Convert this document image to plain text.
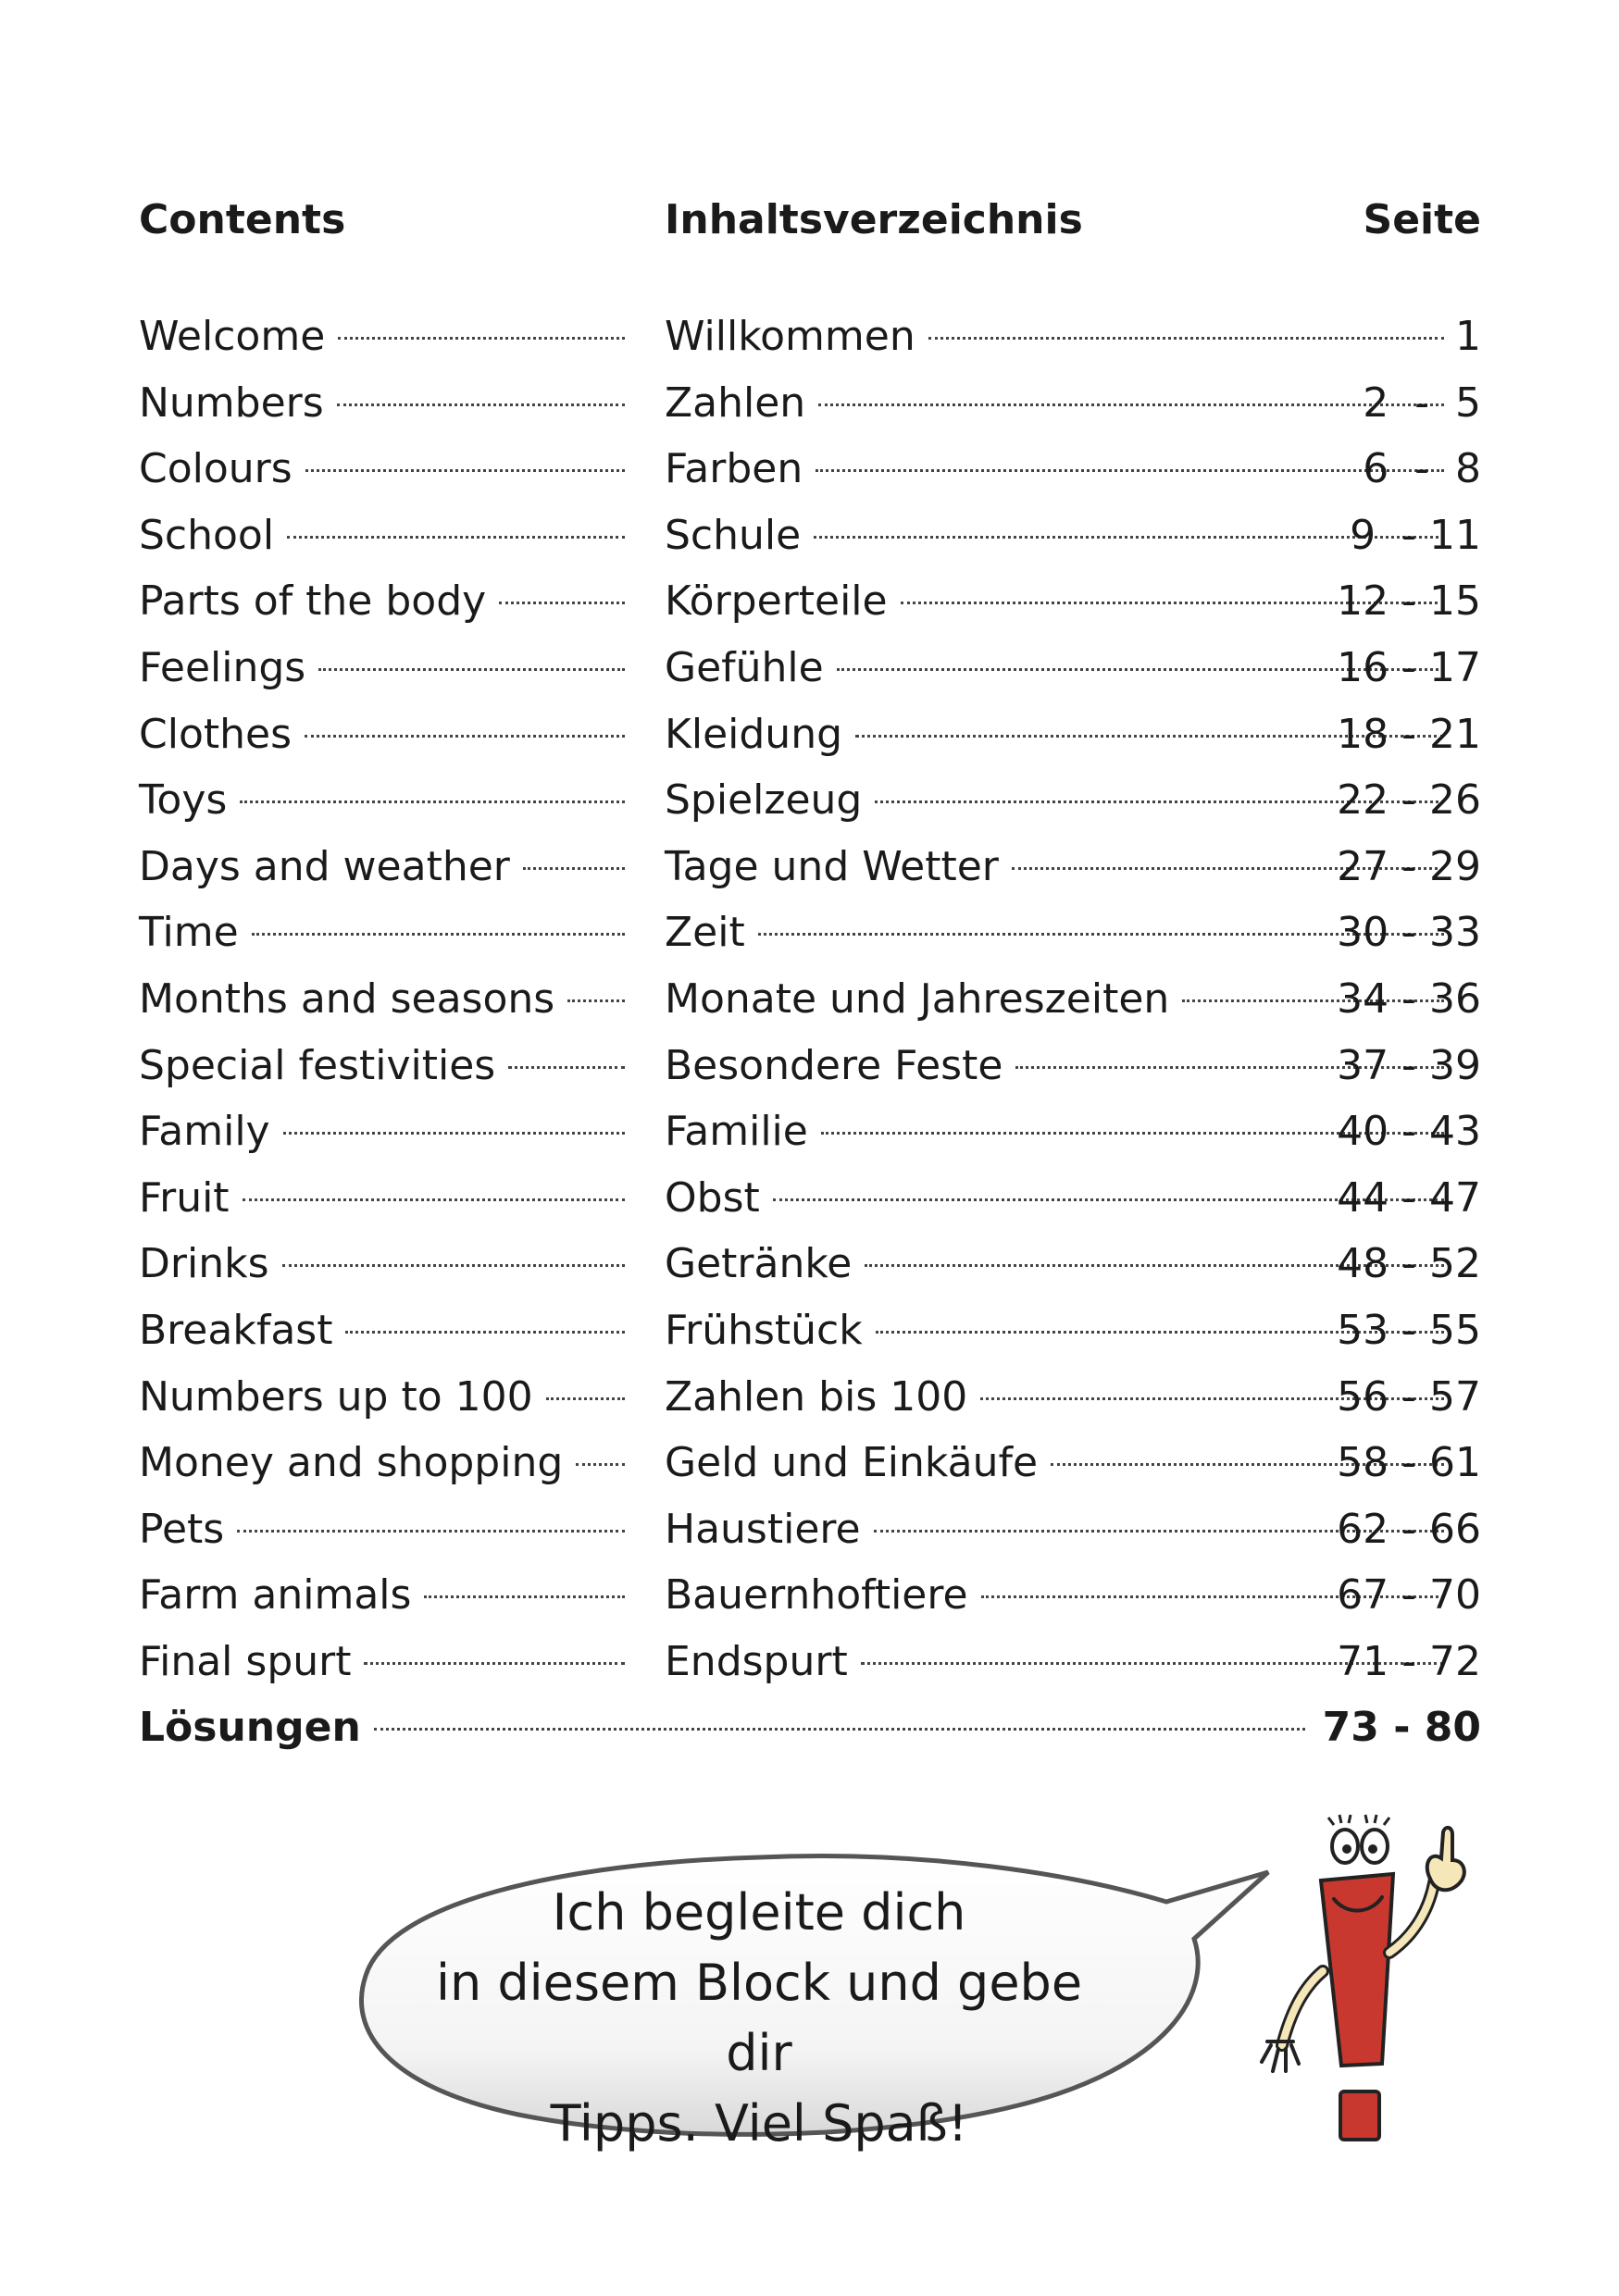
Contents	Inhaltsverzeichnis	Seite
Welcome	Willkommen	1
Numbers	Zahlen	2  -  5
Colours	Farben	6  -  8
School	Schule	9  - 11
Parts of the body	Körperteile	12 - 15
Feelings	Gefühle	16 - 17
Clothes	Kleidung	18 - 21
Toys	Spielzeug	22 - 26
Days and weather	Tage und Wetter	27 - 29
Time	Zeit	30 - 33
Months and seasons	Monate und Jahreszeiten	34 - 36
Special festivities	Besondere Feste	37 - 39
Family	Familie	40 - 43
Fruit	Obst	44 - 47
Drinks	Getränke	48 - 52
Breakfast	Frühstück	53 - 55
Numbers up to 100	Zahlen bis 100	56 - 57
Money and shopping	Geld und Einkäufe	58 - 61
Pets	Haustiere	62 - 66
Farm animals	Bauernhoftiere	67 - 70
Final spurt	Endspurt	71 - 72
Lösungen	73 - 80
Ich begleite dich
in diesem Block und gebe dir
Tipps. Viel Spaß!
